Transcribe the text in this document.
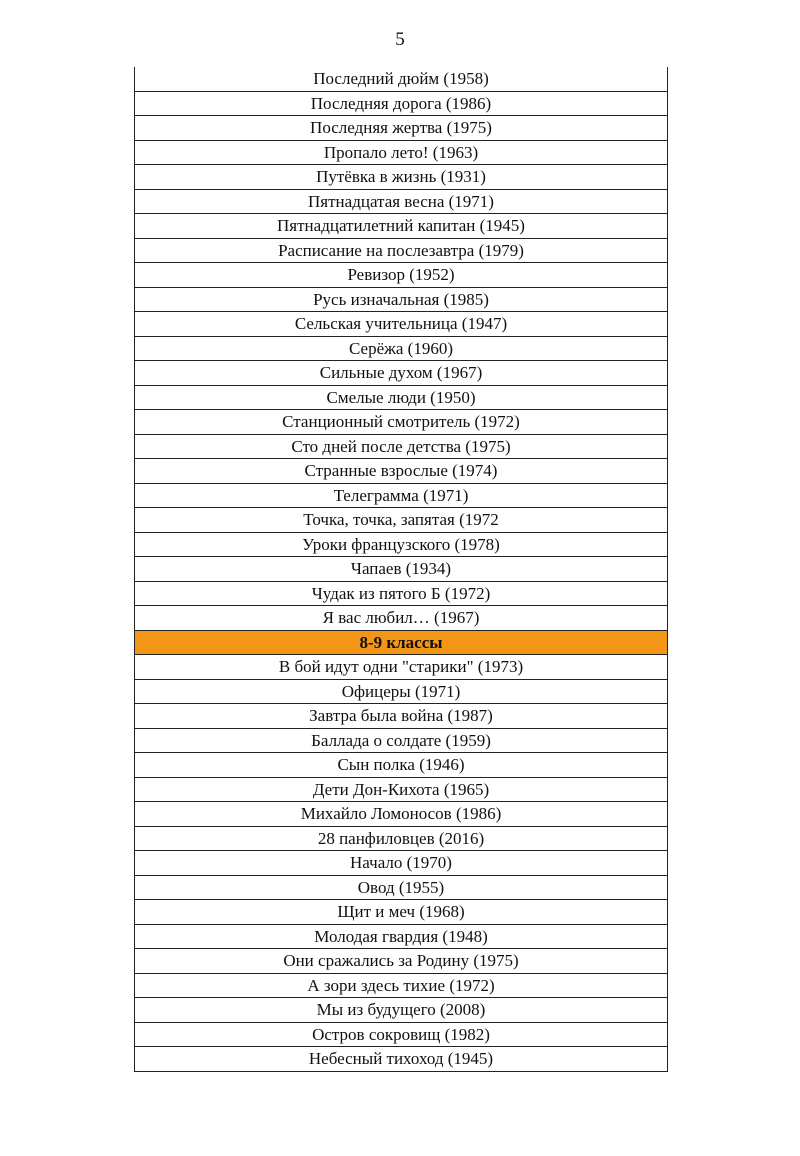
5
Последний дюйм (1958)
Последняя дорога (1986)
Последняя жертва (1975)
Пропало лето! (1963)
Путёвка в жизнь (1931)
Пятнадцатая весна (1971)
Пятнадцатилетний капитан (1945)
Расписание на послезавтра (1979)
Ревизор (1952)
Русь изначальная (1985)
Сельская учительница (1947)
Серёжа (1960)
Сильные духом (1967)
Смелые люди (1950)
Станционный смотритель (1972)
Сто дней после детства (1975)
Странные взрослые (1974)
Телеграмма (1971)
Точка, точка, запятая (1972
Уроки французского (1978)
Чапаев (1934)
Чудак из пятого Б (1972)
Я вас любил… (1967)
8-9 классы
В бой идут одни "старики" (1973)
Офицеры (1971)
Завтра была война (1987)
Баллада о солдате (1959)
Сын полка (1946)
Дети Дон-Кихота (1965)
Михайло Ломоносов (1986)
28 панфиловцев (2016)
Начало (1970)
Овод (1955)
Щит и меч (1968)
Молодая гвардия (1948)
Они сражались за Родину (1975)
А зори здесь тихие (1972)
Мы из будущего (2008)
Остров сокровищ (1982)
Небесный тихоход (1945)
